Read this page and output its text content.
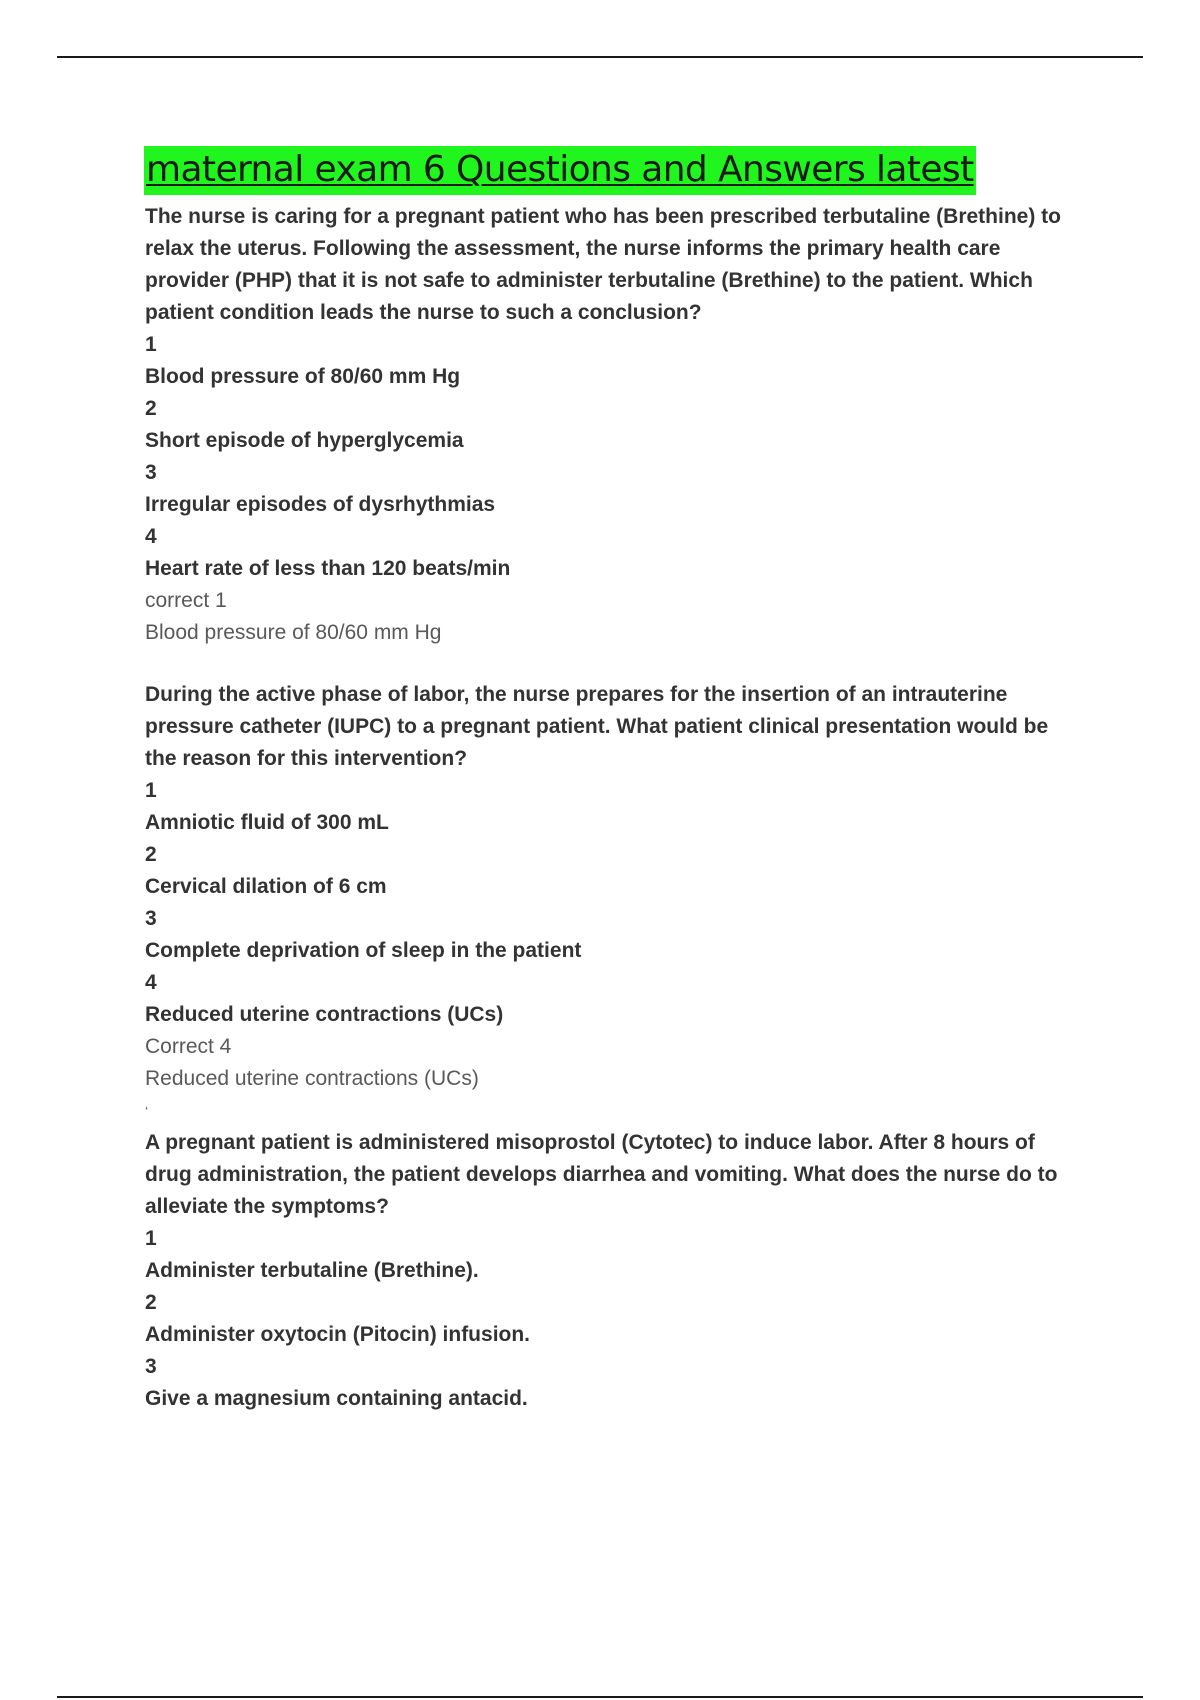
maternal exam 6 Questions and Answers latest

The nurse is caring for a pregnant patient who has been prescribed terbutaline (Brethine) to

relax the uterus. Following the assessment, the nurse informs the primary health care

provider (PHP) that it is not safe to administer terbutaline (Brethine) to the patient. Which

patient condition leads the nurse to such a conclusion?

1

Blood pressure of 80/60 mm Hg

2

Short episode of hyperglycemia

3

Irregular episodes of dysrhythmias

4

Heart rate of less than 120 beats/min

correct 1

Blood pressure of 80/60 mm Hg

During the active phase of labor, the nurse prepares for the insertion of an intrauterine

pressure catheter (IUPC) to a pregnant patient. What patient clinical presentation would be

the reason for this intervention?

1

Amniotic fluid of 300 mL

2

Cervical dilation of 6 cm

3

Complete deprivation of sleep in the patient

4

Reduced uterine contractions (UCs)

Correct 4

Reduced uterine contractions (UCs)

‘

A pregnant patient is administered misoprostol (Cytotec) to induce labor. After 8 hours of

drug administration, the patient develops diarrhea and vomiting. What does the nurse do to

alleviate the symptoms?

1

Administer terbutaline (Brethine).

2

Administer oxytocin (Pitocin) infusion.

3

Give a magnesium containing antacid.
